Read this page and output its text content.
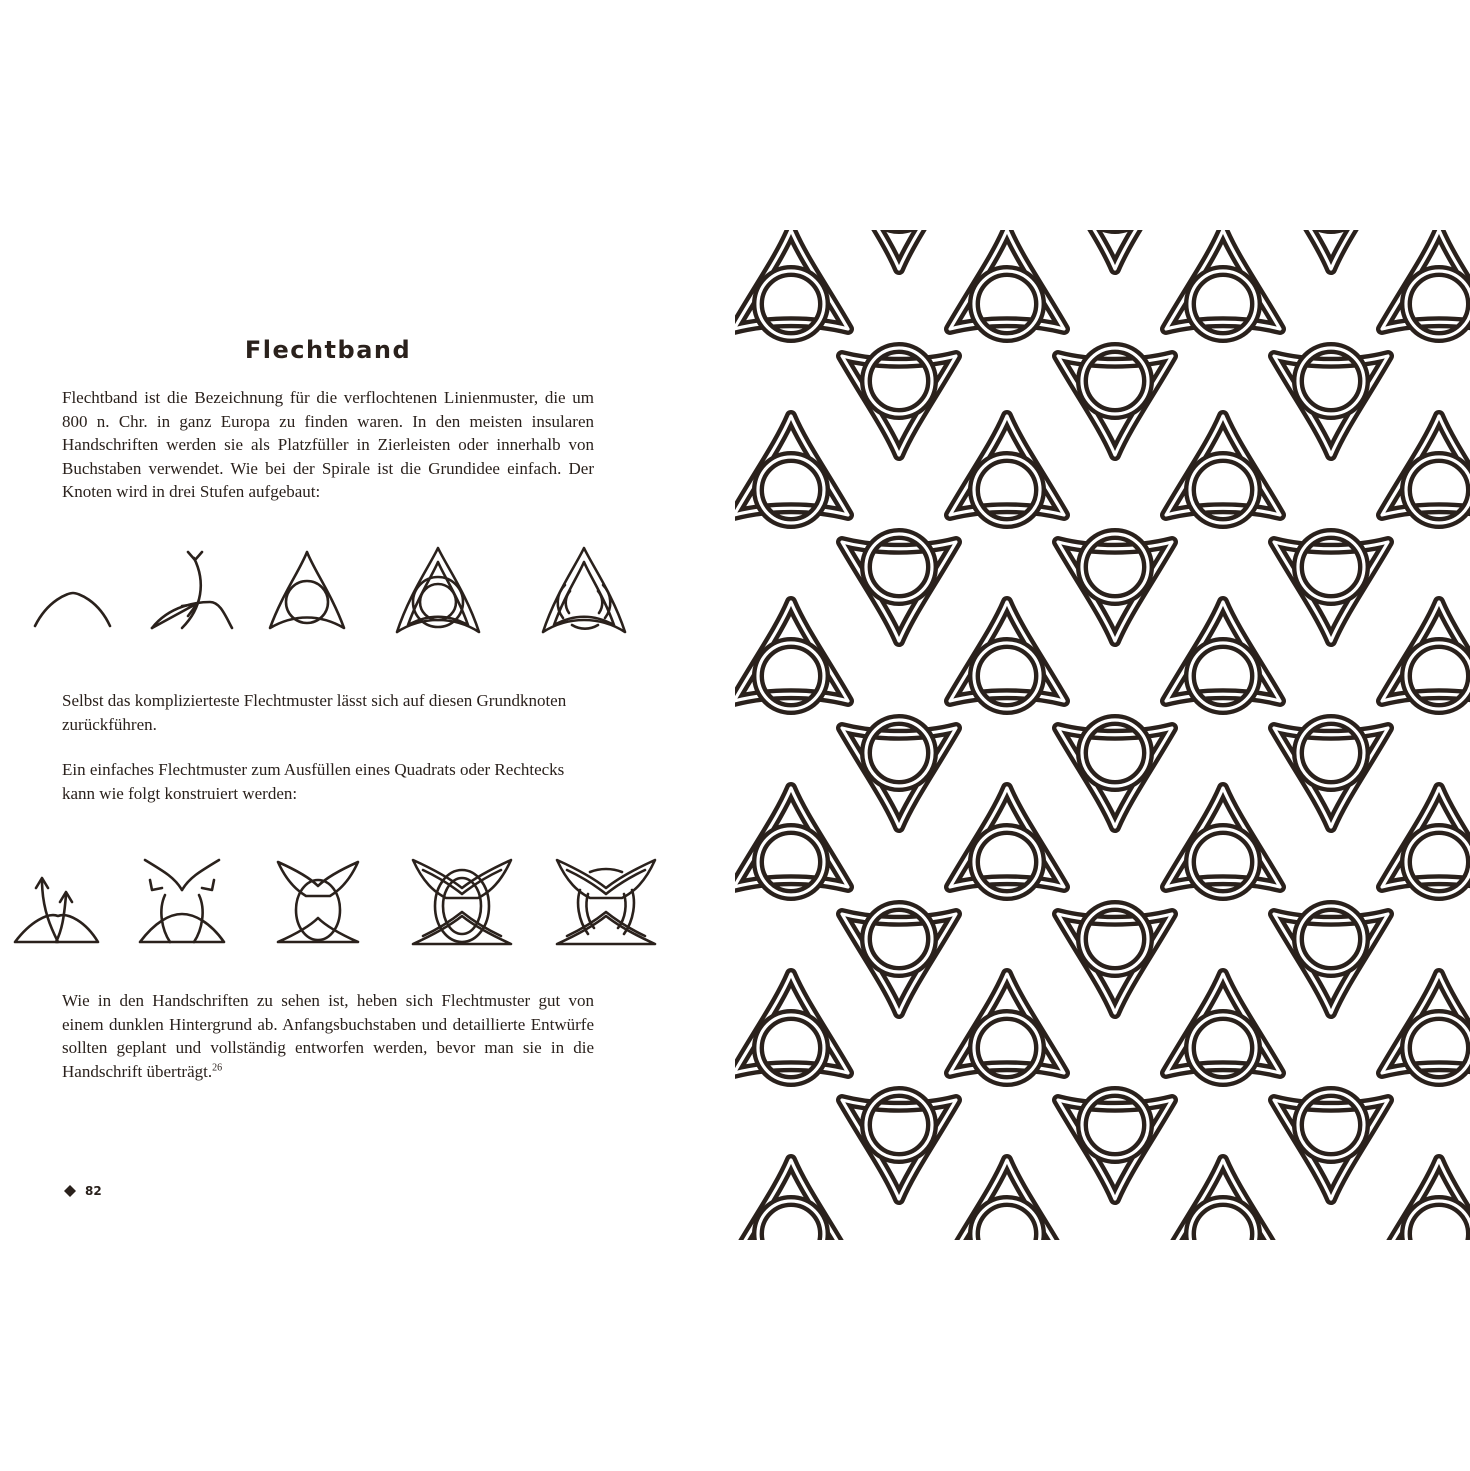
Flechtband

Flechtband ist die Bezeichnung für die verflochtenen Linienmuster, die um 800 n. Chr. in ganz Europa zu finden waren. In den meisten insularen Handschriften werden sie als Platzfüller in Zierleisten oder innerhalb von Buchstaben verwendet. Wie bei der Spirale ist die Grundidee einfach. Der Knoten wird in drei Stufen aufgebaut:

Selbst das komplizierteste Flechtmuster lässt sich auf diesen Grundknoten zurückführen.

Ein einfaches Flechtmuster zum Ausfüllen eines Quadrats oder Rechtecks kann wie folgt konstruiert werden:

Wie in den Handschriften zu sehen ist, heben sich Flechtmuster gut von einem dunklen Hintergrund ab. Anfangsbuchstaben und detaillierte Entwürfe sollten geplant und vollständig entworfen werden, bevor man sie in die Handschrift überträgt.$^{26}$

82
